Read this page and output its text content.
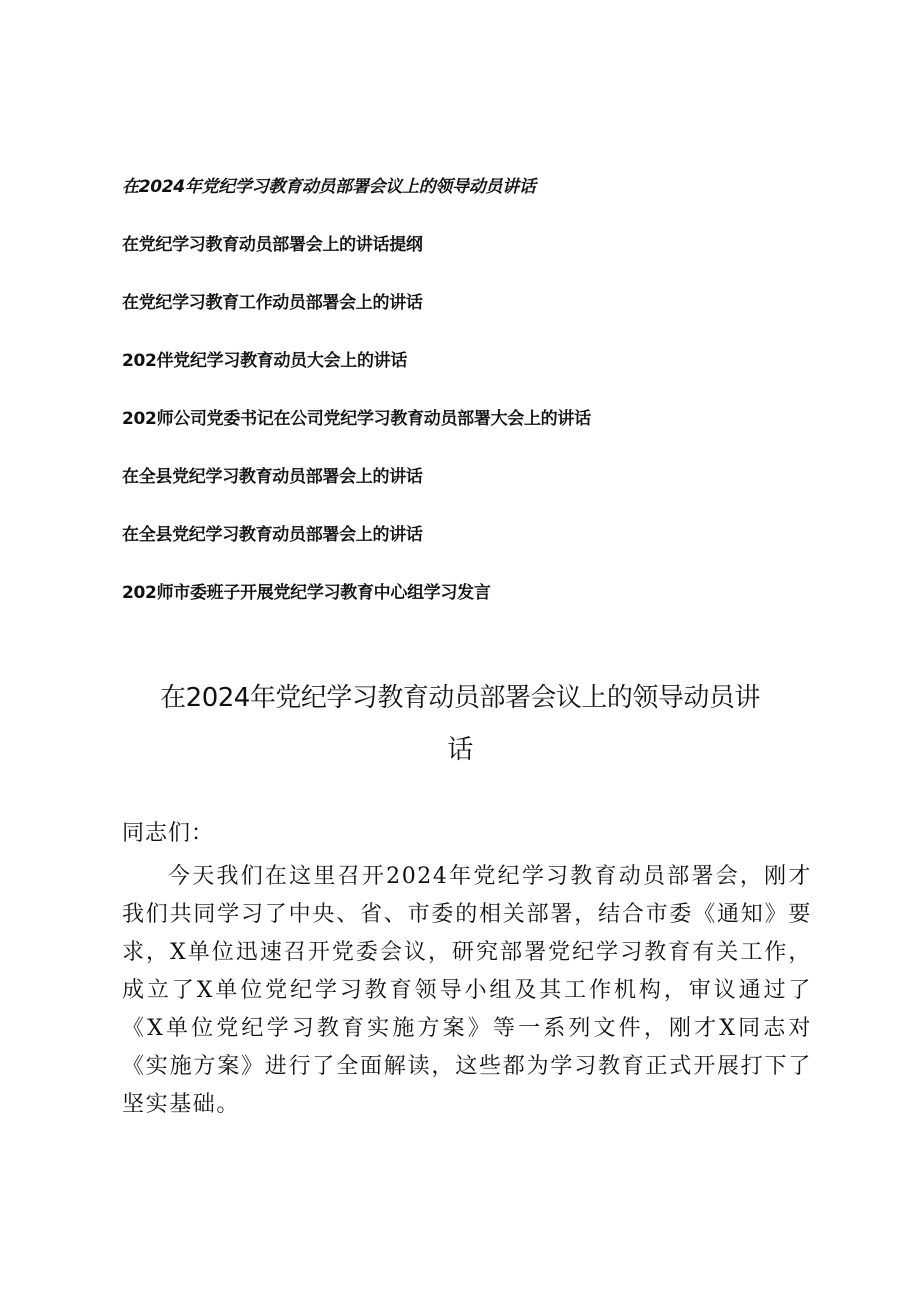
在2024年党纪学习教育动员部署会议上的领导动员讲话
在党纪学习教育动员部署会上的讲话提纲
在党纪学习教育工作动员部署会上的讲话
202伴党纪学习教育动员大会上的讲话
202师公司党委书记在公司党纪学习教育动员部署大会上的讲话
在全县党纪学习教育动员部署会上的讲话
在全县党纪学习教育动员部署会上的讲话
202师市委班子开展党纪学习教育中心组学习发言
在2024年党纪学习教育动员部署会议上的领导动员讲
话

同志们：

今天我们在这里召开2024年党纪学习教育动员部署会，刚才我们共同学习了中央、省、市委的相关部署，结合市委《通知》要求，X单位迅速召开党委会议，研究部署党纪学习教育有关工作，成立了X单位党纪学习教育领导小组及其工作机构，审议通过了《X单位党纪学习教育实施方案》等一系列文件，刚才X同志对《实施方案》进行了全面解读，这些都为学习教育正式开展打下了坚实基础。
